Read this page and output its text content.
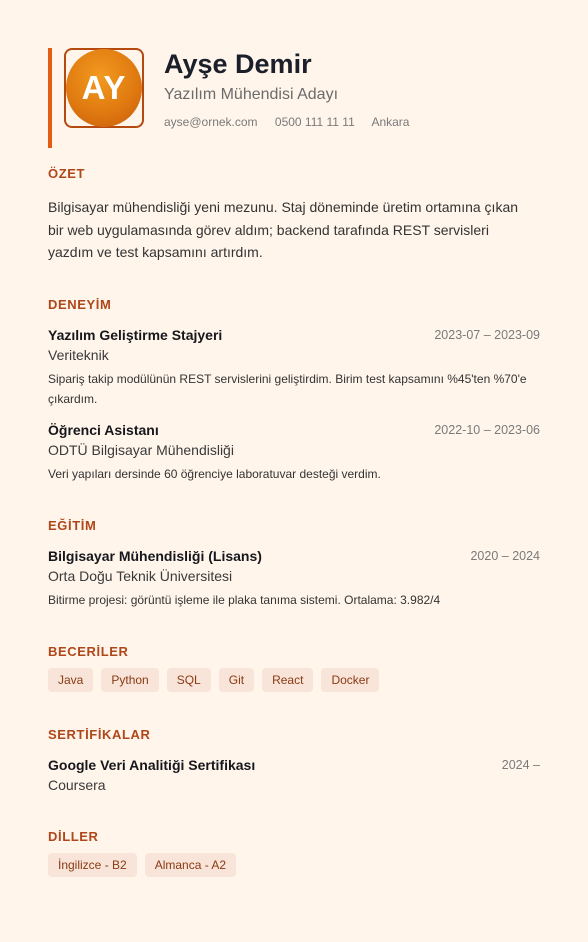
AY
Ayşe Demir
Yazılım Mühendisi Adayı
ayse@ornek.com 0500 111 11 11 Ankara
ÖZET
Bilgisayar mühendisliği yeni mezunu. Staj döneminde üretim ortamına çıkan bir web uygulamasında görev aldım; backend tarafında REST servisleri yazdım ve test kapsamını artırdım.
DENEYİM
Yazılım Geliştirme Stajyeri	2023-07 – 2023-09
Veriteknik
Sipariş takip modülünün REST servislerini geliştirdim. Birim test kapsamını %45'ten %70'e çıkardım.
Öğrenci Asistanı	2022-10 – 2023-06
ODTÜ Bilgisayar Mühendisliği
Veri yapıları dersinde 60 öğrenciye laboratuvar desteği verdim.
EĞİTİM
Bilgisayar Mühendisliği (Lisans)	2020 – 2024
Orta Doğu Teknik Üniversitesi
Bitirme projesi: görüntü işleme ile plaka tanıma sistemi. Ortalama: 3.982/4
BECERİLER
Java	Python	SQL	Git	React	Docker
SERTİFİKALAR
Google Veri Analitiği Sertifikası	2024 –
Coursera
DİLLER
İngilizce - B2	Almanca - A2
